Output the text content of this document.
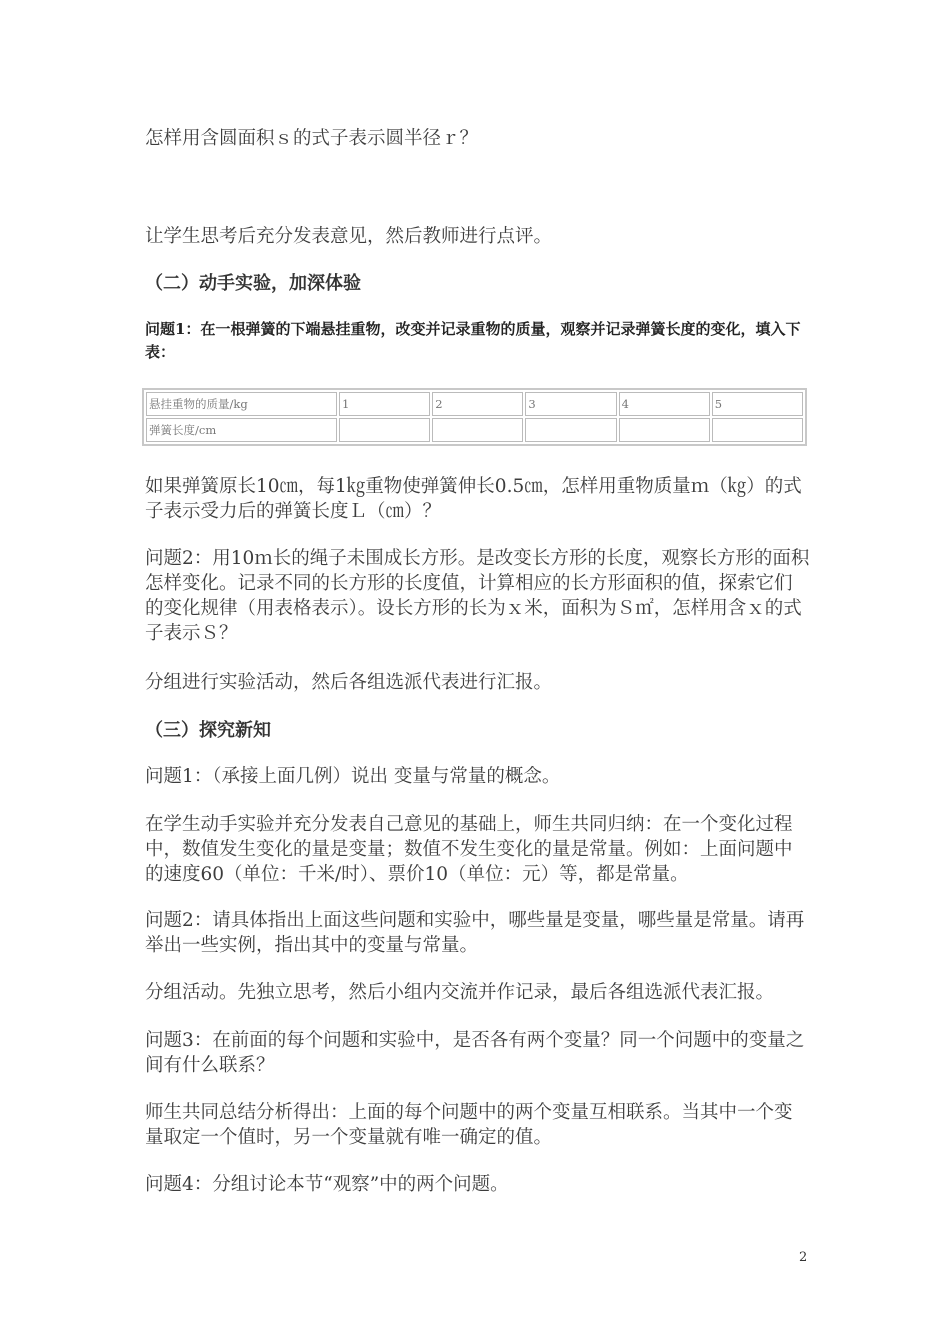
怎样用含圆面积ｓ的式子表示圆半径ｒ？

让学生思考后充分发表意见，然后教师进行点评。

（二）动手实验，加深体验

问题1：在一根弹簧的下端悬挂重物，改变并记录重物的质量，观察并记录弹簧长度的变化，填入下表：

悬挂重物的质量/kg	1	2	3	4	5
弹簧长度/cm					

如果弹簧原长10㎝，每1㎏重物使弹簧伸长0.5㎝，怎样用重物质量ｍ（㎏）的式子表示受力后的弹簧长度Ｌ（㎝）？

问题2：用10ｍ长的绳子未围成长方形。是改变长方形的长度，观察长方形的面积怎样变化。记录不同的长方形的长度值，计算相应的长方形面积的值，探索它们的变化规律（用表格表示）。设长方形的长为ｘ米，面积为Ｓ㎡，怎样用含ｘ的式子表示Ｓ？

分组进行实验活动，然后各组选派代表进行汇报。

（三）探究新知

问题1：（承接上面几例）说出 变量与常量的概念。

在学生动手实验并充分发表自己意见的基础上，师生共同归纳：在一个变化过程中，数值发生变化的量是变量；数值不发生变化的量是常量。例如：上面问题中的速度60（单位：千米/时）、票价10（单位：元）等，都是常量。

问题2：请具体指出上面这些问题和实验中，哪些量是变量，哪些量是常量。请再举出一些实例，指出其中的变量与常量。

分组活动。先独立思考，然后小组内交流并作记录，最后各组选派代表汇报。

问题3：在前面的每个问题和实验中，是否各有两个变量？同一个问题中的变量之间有什么联系？

师生共同总结分析得出：上面的每个问题中的两个变量互相联系。当其中一个变量取定一个值时，另一个变量就有唯一确定的值。

问题4：分组讨论本节“观察”中的两个问题。

2
